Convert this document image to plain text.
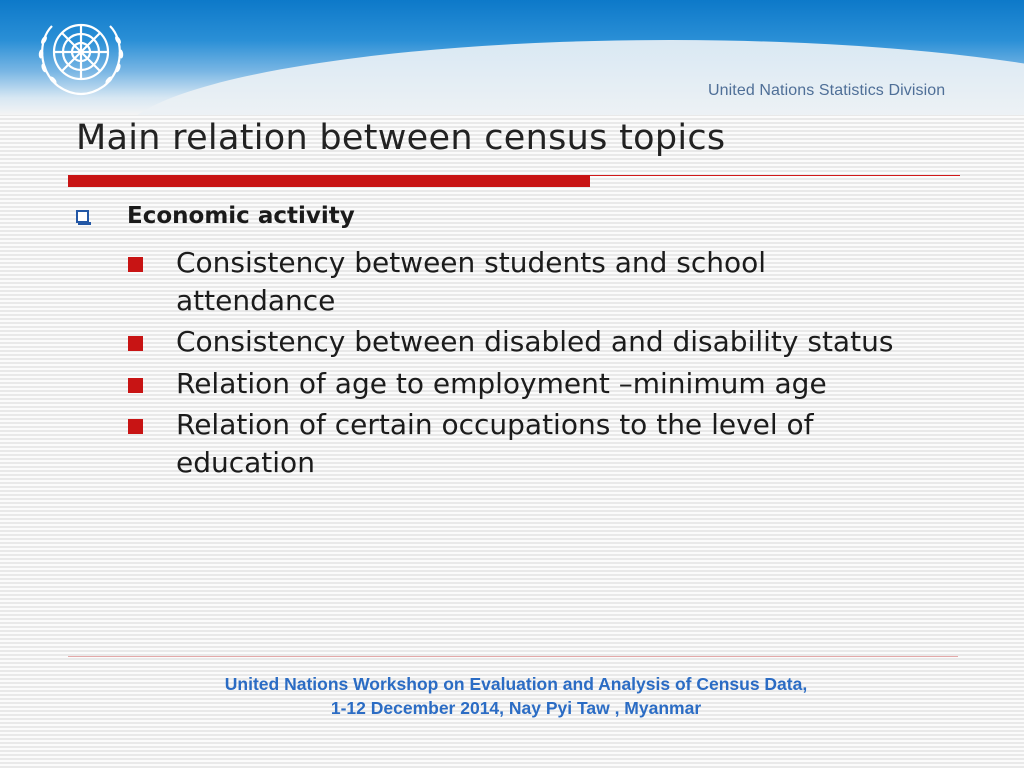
United Nations Statistics Division
Main relation between census topics
Economic activity
Consistency between students and school attendance
Consistency between disabled and disability status
Relation of age to employment –minimum age
Relation of certain occupations to the level of education
United Nations Workshop on Evaluation and Analysis of Census Data,
1-12 December 2014, Nay Pyi Taw , Myanmar
